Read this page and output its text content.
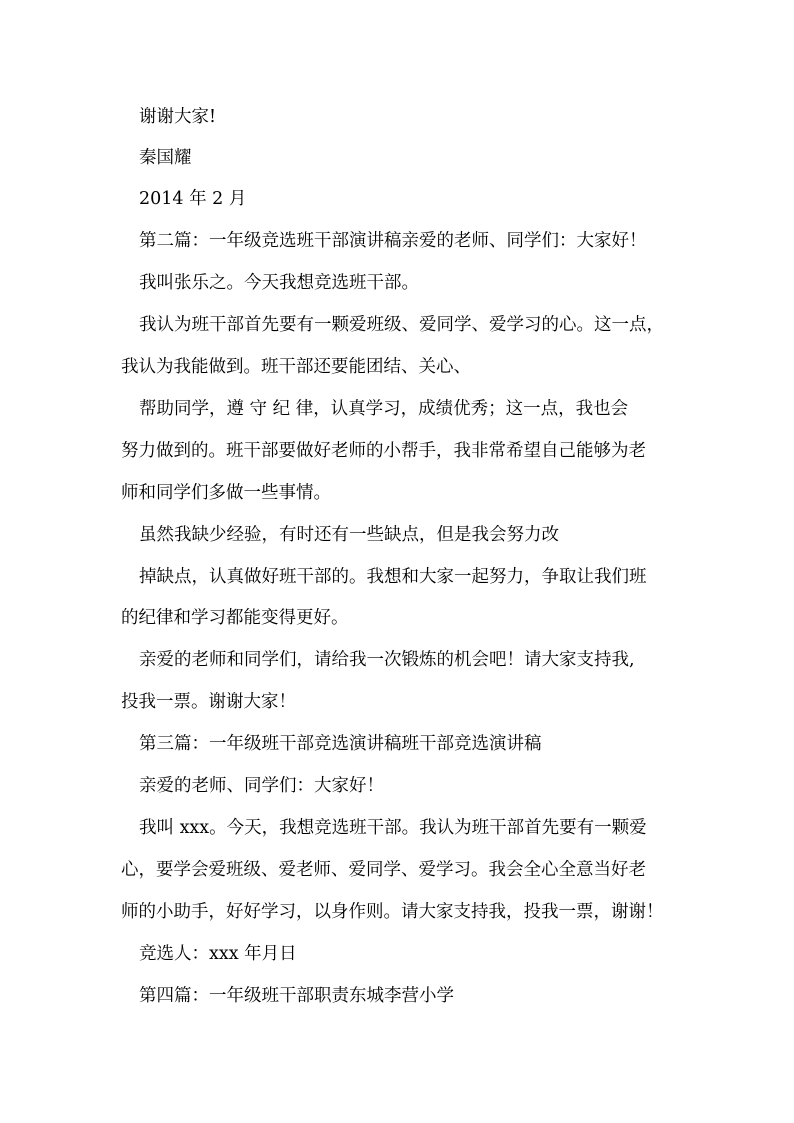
谢谢大家!
秦国耀
2014 年 2 月
第二篇：一年级竞选班干部演讲稿亲爱的老师、同学们：大家好！
我叫张乐之。今天我想竞选班干部。
我认为班干部首先要有一颗爱班级、爱同学、爱学习的心。这一点，
我认为我能做到。班干部还要能团结、关心、
帮助同学，遵 守 纪 律，认真学习，成绩优秀；这一点，我也会
努力做到的。班干部要做好老师的小帮手，我非常希望自己能够为老
师和同学们多做一些事情。
虽然我缺少经验，有时还有一些缺点，但是我会努力改
掉缺点，认真做好班干部的。我想和大家一起努力，争取让我们班
的纪律和学习都能变得更好。
亲爱的老师和同学们，请给我一次锻炼的机会吧！请大家支持我,
投我一票。谢谢大家！
第三篇：一年级班干部竞选演讲稿班干部竞选演讲稿
亲爱的老师、同学们：大家好！
我叫 xxx。今天，我想竞选班干部。我认为班干部首先要有一颗爱
心，要学会爱班级、爱老师、爱同学、爱学习。我会全心全意当好老
师的小助手，好好学习，以身作则。请大家支持我，投我一票，谢谢！
竞选人：xxx 年月日
第四篇：一年级班干部职责东城李营小学
